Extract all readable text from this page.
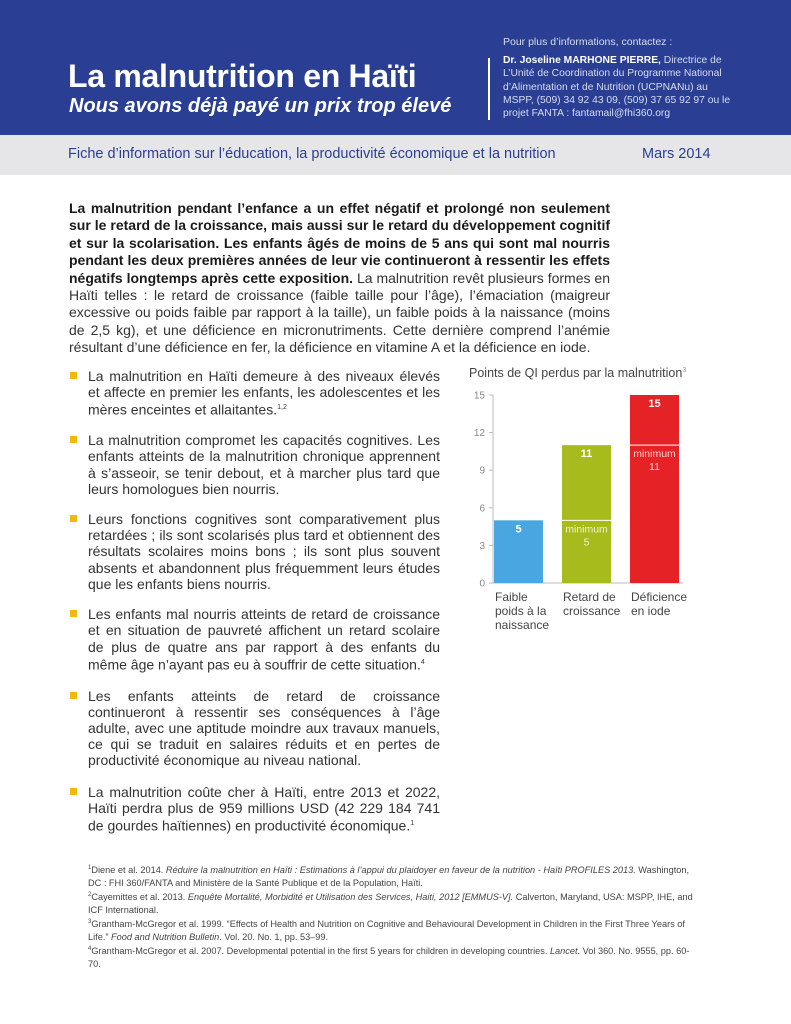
La malnutrition en Haïti
Nous avons déjà payé un prix trop élevé
Pour plus d’informations, contactez :
Dr. Joseline MARHONE PIERRE, Directrice de L’Unité de Coordination du Programme National d’Alimentation et de Nutrition (UCPNANu) au MSPP, (509) 34 92 43 09, (509) 37 65 92 97 ou le projet FANTA : fantamail@fhi360.org
Fiche d’information sur l’éducation, la productivité économique et la nutrition	Mars 2014

La malnutrition pendant l’enfance a un effet négatif et prolongé non seulement sur le retard de la croissance, mais aussi sur le retard du développement cognitif et sur la scolarisation. Les enfants âgés de moins de 5 ans qui sont mal nourris pendant les deux premières années de leur vie continueront à ressentir les effets négatifs longtemps après cette exposition. La malnutrition revêt plusieurs formes en Haïti telles : le retard de croissance (faible taille pour l’âge), l’émaciation (maigreur excessive ou poids faible par rapport à la taille), un faible poids à la naissance (moins de 2,5 kg), et une déficience en micronutriments. Cette dernière comprend l’anémie résultant d’une déficience en fer, la déficience en vitamine A et la déficience en iode.

La malnutrition en Haïti demeure à des niveaux élevés et affecte en premier les enfants, les adolescentes et les mères enceintes et allaitantes.$^{1,2}$
La malnutrition compromet les capacités cognitives. Les enfants atteints de la malnutrition chronique apprennent à s’asseoir, se tenir debout, et à marcher plus tard que leurs homologues bien nourris.
Leurs fonctions cognitives sont comparativement plus retardées ; ils sont scolarisés plus tard et obtiennent des résultats scolaires moins bons ; ils sont plus souvent absents et abandonnent plus fréquemment leurs études que les enfants biens nourris.
Les enfants mal nourris atteints de retard de croissance et en situation de pauvreté affichent un retard scolaire de plus de quatre ans par rapport à des enfants du même âge n’ayant pas eu à souffrir de cette situation.$^4$
Les enfants atteints de retard de croissance continueront à ressentir ses conséquences à l’âge adulte, avec une aptitude moindre aux travaux manuels, ce qui se traduit en salaires réduits et en pertes de productivité économique au niveau national.
La malnutrition coûte cher à Haïti, entre 2013 et 2022, Haïti perdra plus de 959 millions USD (42 229 184 741 de gourdes haïtiennes) en productivité économique.$^1$
Points de QI perdus par la malnutrition$^3$
0
3
6
9
12
15
5
Faible
poids à la
naissance
11
minimum
5
Retard de
croissance
15
minimum
11
Déficience
en iode

$^1$Diene et al. 2014. Réduire la malnutrition en Haïti : Estimations à l’appui du plaidoyer en faveur de la nutrition - Haïti PROFILES 2013. Washington, DC : FHI 360/FANTA and Ministère de la Santé Publique et de la Population, Haïti.

$^2$Cayemittes et al. 2013. Enquête Mortalité, Morbidité et Utilisation des Services, Haiti, 2012 [EMMUS-V]. Calverton, Maryland, USA: MSPP, IHE, and ICF International.

$^3$Grantham-McGregor et al. 1999. “Effects of Health and Nutrition on Cognitive and Behavioural Development in Children in the First Three Years of Life.” Food and Nutrition Bulletin. Vol. 20. No. 1, pp. 53–99.

$^4$Grantham-McGregor et al. 2007. Developmental potential in the first 5 years for children in developing countries. Lancet. Vol 360. No. 9555, pp. 60-70.
